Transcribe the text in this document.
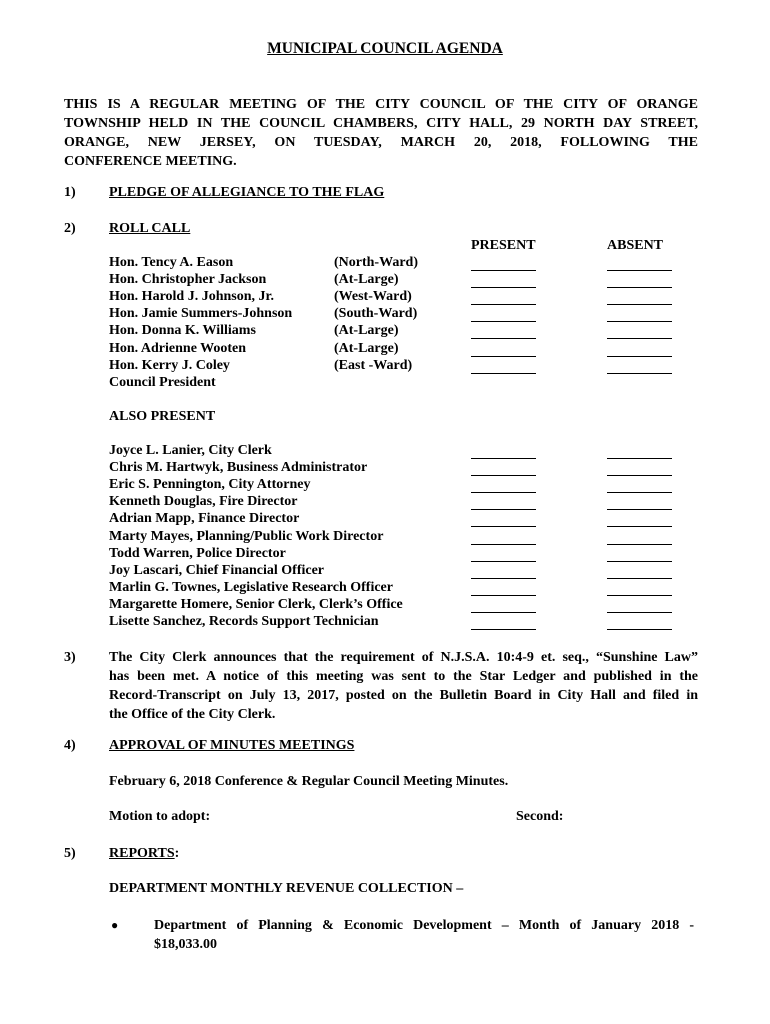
MUNICIPAL COUNCIL AGENDA
THIS IS A REGULAR MEETING OF THE CITY COUNCIL OF THE CITY OF ORANGE
TOWNSHIP HELD IN THE COUNCIL CHAMBERS, CITY HALL, 29 NORTH DAY STREET,
ORANGE, NEW JERSEY, ON TUESDAY, MARCH 20, 2018, FOLLOWING THE
CONFERENCE MEETING.
1) PLEDGE OF ALLEGIANCE TO THE FLAG
2) ROLL CALL
PRESENT	ABSENT
Hon. Tency A. Eason	(North-Ward)
Hon. Christopher Jackson	(At-Large)
Hon. Harold J. Johnson, Jr.	(West-Ward)
Hon. Jamie Summers-Johnson	(South-Ward)
Hon. Donna K. Williams	(At-Large)
Hon. Adrienne Wooten	(At-Large)
Hon. Kerry J. Coley	(East -Ward)
Council President
ALSO PRESENT
Joyce L. Lanier, City Clerk
Chris M. Hartwyk, Business Administrator
Eric S. Pennington, City Attorney
Kenneth Douglas, Fire Director
Adrian Mapp, Finance Director
Marty Mayes, Planning/Public Work Director
Todd Warren, Police Director
Joy Lascari, Chief Financial Officer
Marlin G. Townes, Legislative Research Officer
Margarette Homere, Senior Clerk, Clerk’s Office
Lisette Sanchez, Records Support Technician
3) The City Clerk announces that the requirement of N.J.S.A. 10:4-9 et. seq., “Sunshine Law”
has been met. A notice of this meeting was sent to the Star Ledger and published in the
Record-Transcript on July 13, 2017, posted on the Bulletin Board in City Hall and filed in
the Office of the City Clerk.
4) APPROVAL OF MINUTES MEETINGS
February 6, 2018 Conference & Regular Council Meeting Minutes.
Motion to adopt:	Second:
5) REPORTS:
DEPARTMENT MONTHLY REVENUE COLLECTION –
●	Department of Planning & Economic Development – Month of January 2018 -
$18,033.00
